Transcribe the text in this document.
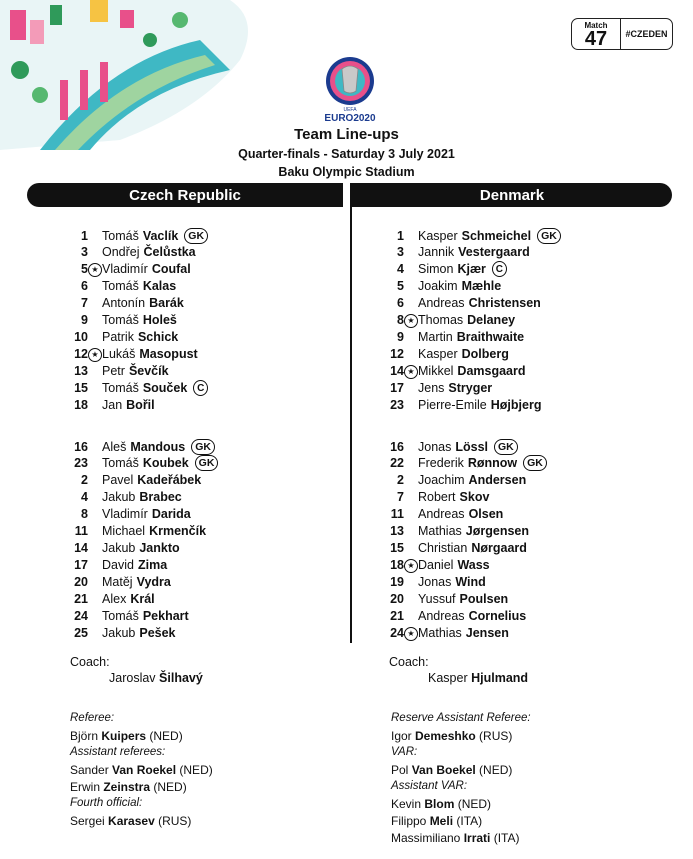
Match
47	#CZEDEN
UEFA
EURO2020
Team Line-ups
Quarter-finals - Saturday 3 July 2021
Baku Olympic Stadium
Czech Republic	Denmark
1	Tomáš Vaclík GK
3	Ondřej Čelůstka
5 ★ Vladimír Coufal
6	Tomáš Kalas
7	Antonín Barák
9	Tomáš Holeš
10	Patrik Schick
12 ★ Lukáš Masopust
13	Petr Ševčík
15	Tomáš Souček C
18	Jan Bořil
16	Aleš Mandous GK
23	Tomáš Koubek GK
2	Pavel Kadeřábek
4	Jakub Brabec
8	Vladimír Darida
11	Michael Krmenčík
14	Jakub Jankto
17	David Zima
20	Matěj Vydra
21	Alex Král
24	Tomáš Pekhart
25	Jakub Pešek
1	Kasper Schmeichel GK
3	Jannik Vestergaard
4	Simon Kjær C
5	Joakim Mæhle
6	Andreas Christensen
8 ★ Thomas Delaney
9	Martin Braithwaite
12	Kasper Dolberg
14 ★ Mikkel Damsgaard
17	Jens Stryger
23	Pierre-Emile Højbjerg
16	Jonas Lössl GK
22	Frederik Rønnow GK
2	Joachim Andersen
7	Robert Skov
11	Andreas Olsen
13	Mathias Jørgensen
15	Christian Nørgaard
18 ★ Daniel Wass
19	Jonas Wind
20	Yussuf Poulsen
21	Andreas Cornelius
24 ★ Mathias Jensen
Coach:
Jaroslav Šilhavý
Coach:
Kasper Hjulmand
Referee:
Björn Kuipers (NED)
Assistant referees:
Sander Van Roekel (NED)
Erwin Zeinstra (NED)
Fourth official:
Sergei Karasev (RUS)
Reserve Assistant Referee:
Igor Demeshko (RUS)
VAR:
Pol Van Boekel (NED)
Assistant VAR:
Kevin Blom (NED)
Filippo Meli (ITA)
Massimiliano Irrati (ITA)
